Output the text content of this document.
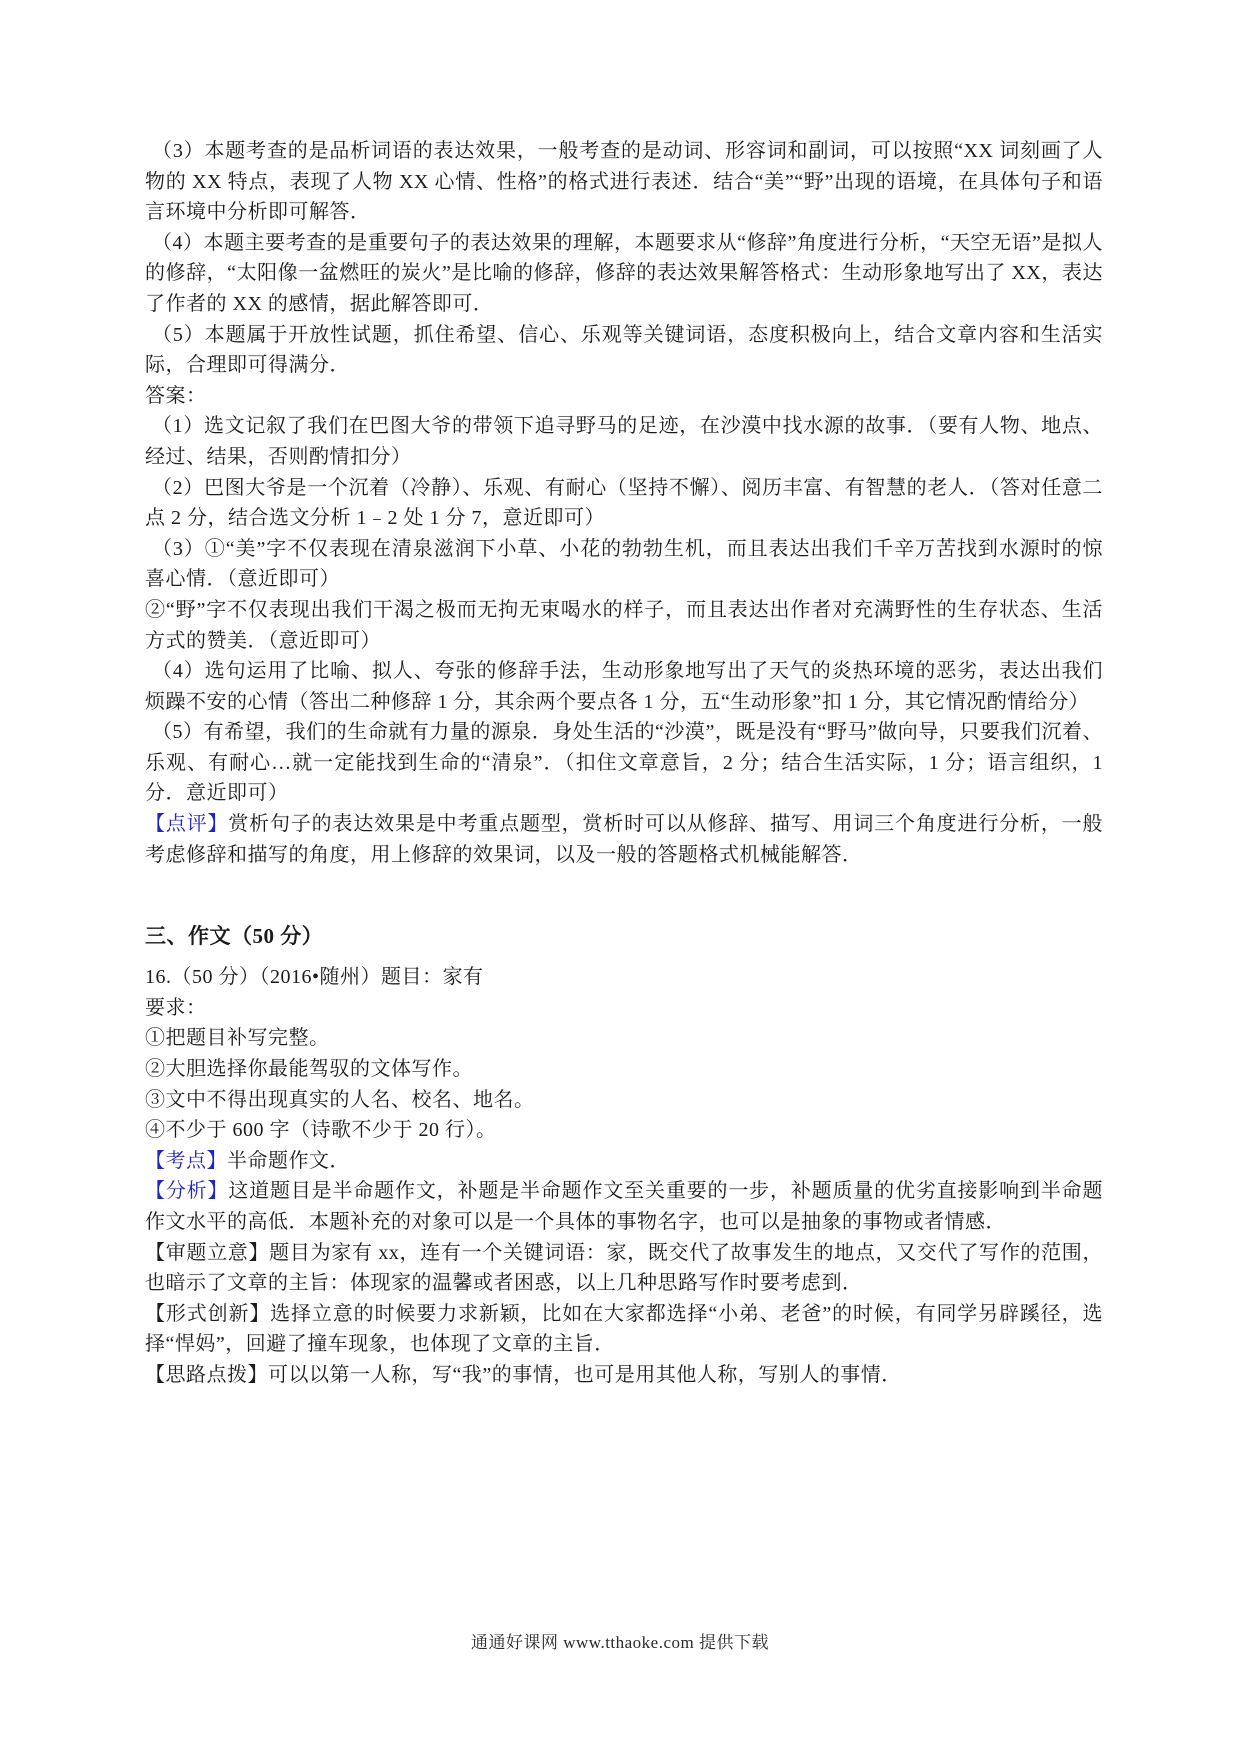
（3）本题考查的是品析词语的表达效果，一般考查的是动词、形容词和副词，可以按照“XX 词刻画了人物的 XX 特点，表现了人物 XX 心情、性格”的格式进行表述．结合“美”“野”出现的语境，在具体句子和语言环境中分析即可解答．

（4）本题主要考查的是重要句子的表达效果的理解，本题要求从“修辞”角度进行分析，“天空无语”是拟人的修辞，“太阳像一盆燃旺的炭火”是比喻的修辞，修辞的表达效果解答格式：生动形象地写出了 XX，表达了作者的 XX 的感情，据此解答即可．

（5）本题属于开放性试题，抓住希望、信心、乐观等关键词语，态度积极向上，结合文章内容和生活实际，合理即可得满分．

答案：

（1）选文记叙了我们在巴图大爷的带领下追寻野马的足迹，在沙漠中找水源的故事．（要有人物、地点、经过、结果，否则酌情扣分）

（2）巴图大爷是一个沉着（冷静）、乐观、有耐心（坚持不懈）、阅历丰富、有智慧的老人．（答对任意二点 2 分，结合选文分析 1﹣2 处 1 分 7，意近即可）

（3）①“美”字不仅表现在清泉滋润下小草、小花的勃勃生机，而且表达出我们千辛万苦找到水源时的惊喜心情．（意近即可）

②“野”字不仅表现出我们干渴之极而无拘无束喝水的样子，而且表达出作者对充满野性的生存状态、生活方式的赞美．（意近即可）

（4）选句运用了比喻、拟人、夸张的修辞手法，生动形象地写出了天气的炎热环境的恶劣，表达出我们烦躁不安的心情（答出二种修辞 1 分，其余两个要点各 1 分，五“生动形象”扣 1 分，其它情况酌情给分）

（5）有希望，我们的生命就有力量的源泉．身处生活的“沙漠”，既是没有“野马”做向导，只要我们沉着、乐观、有耐心…就一定能找到生命的“清泉”．（扣住文章意旨，2 分；结合生活实际，1 分；语言组织，1 分．意近即可）

【点评】赏析句子的表达效果是中考重点题型，赏析时可以从修辞、描写、用词三个角度进行分析，一般考虑修辞和描写的角度，用上修辞的效果词，以及一般的答题格式机械能解答．

三、作文（50 分）

16.（50 分）（2016•随州）题目：家有

要求：

①把题目补写完整。

②大胆选择你最能驾驭的文体写作。

③文中不得出现真实的人名、校名、地名。

④不少于 600 字（诗歌不少于 20 行）。

【考点】半命题作文．

【分析】这道题目是半命题作文，补题是半命题作文至关重要的一步，补题质量的优劣直接影响到半命题作文水平的高低．本题补充的对象可以是一个具体的事物名字，也可以是抽象的事物或者情感．

【审题立意】题目为家有 xx，连有一个关键词语：家，既交代了故事发生的地点，又交代了写作的范围，也暗示了文章的主旨：体现家的温馨或者困惑，以上几种思路写作时要考虑到．

【形式创新】选择立意的时候要力求新颖，比如在大家都选择“小弟、老爸”的时候，有同学另辟蹊径，选择“悍妈”，回避了撞车现象，也体现了文章的主旨．

【思路点拨】可以以第一人称，写“我”的事情，也可是用其他人称，写别人的事情．

通通好课网 www.tthaoke.com 提供下载
